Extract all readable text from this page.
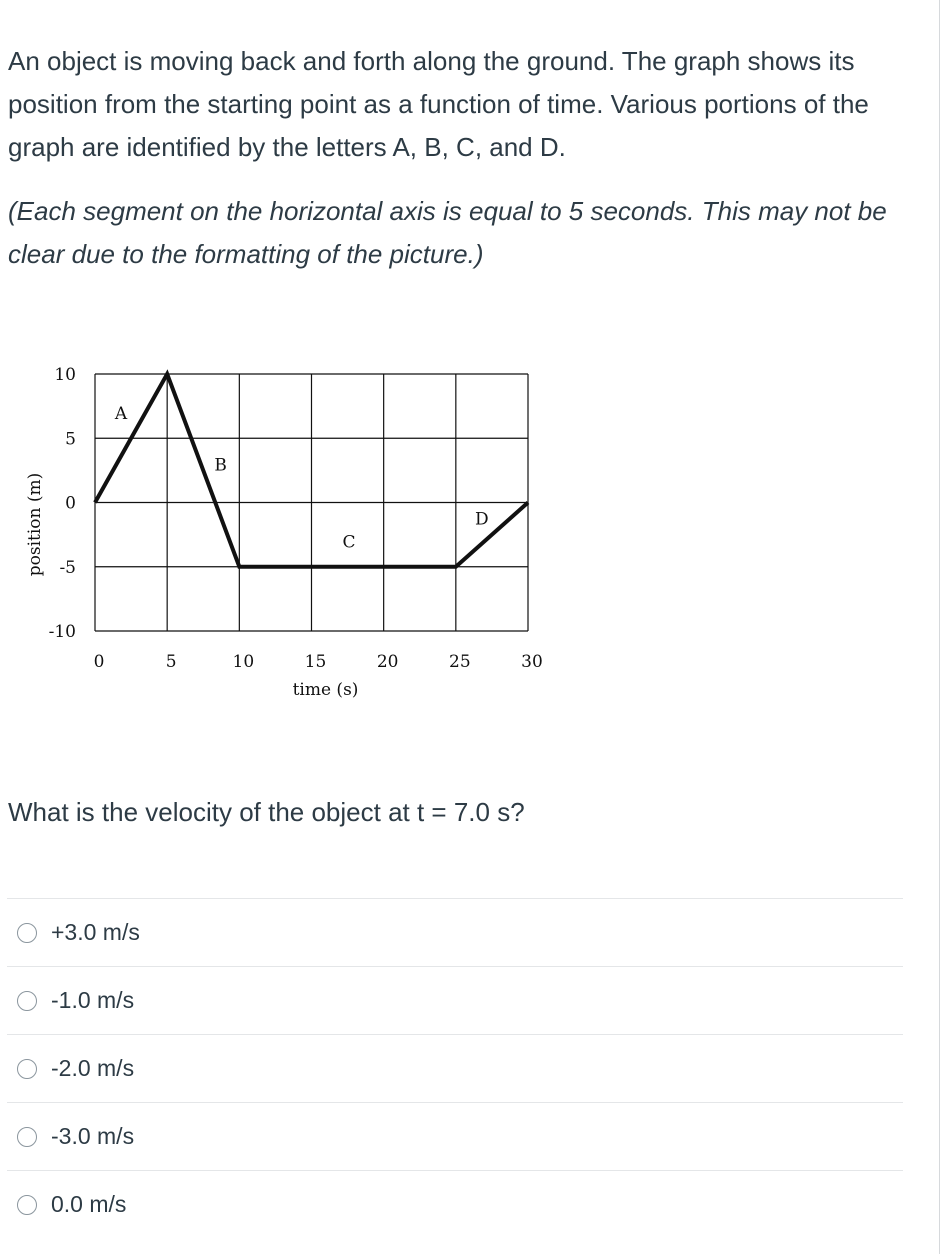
An object is moving back and forth along the ground. The graph shows its position from the starting point as a function of time. Various portions of the graph are identified by the letters A, B, C, and D.

(Each segment on the horizontal axis is equal to 5 seconds. This may not be clear due to the formatting of the picture.)

10
5
0
-5
-10
0	5	10	15	20	25	30
A
B
C
D
time (s)
position (m)

What is the velocity of the object at t = 7.0 s?

+3.0 m/s
-1.0 m/s
-2.0 m/s
-3.0 m/s
0.0 m/s
